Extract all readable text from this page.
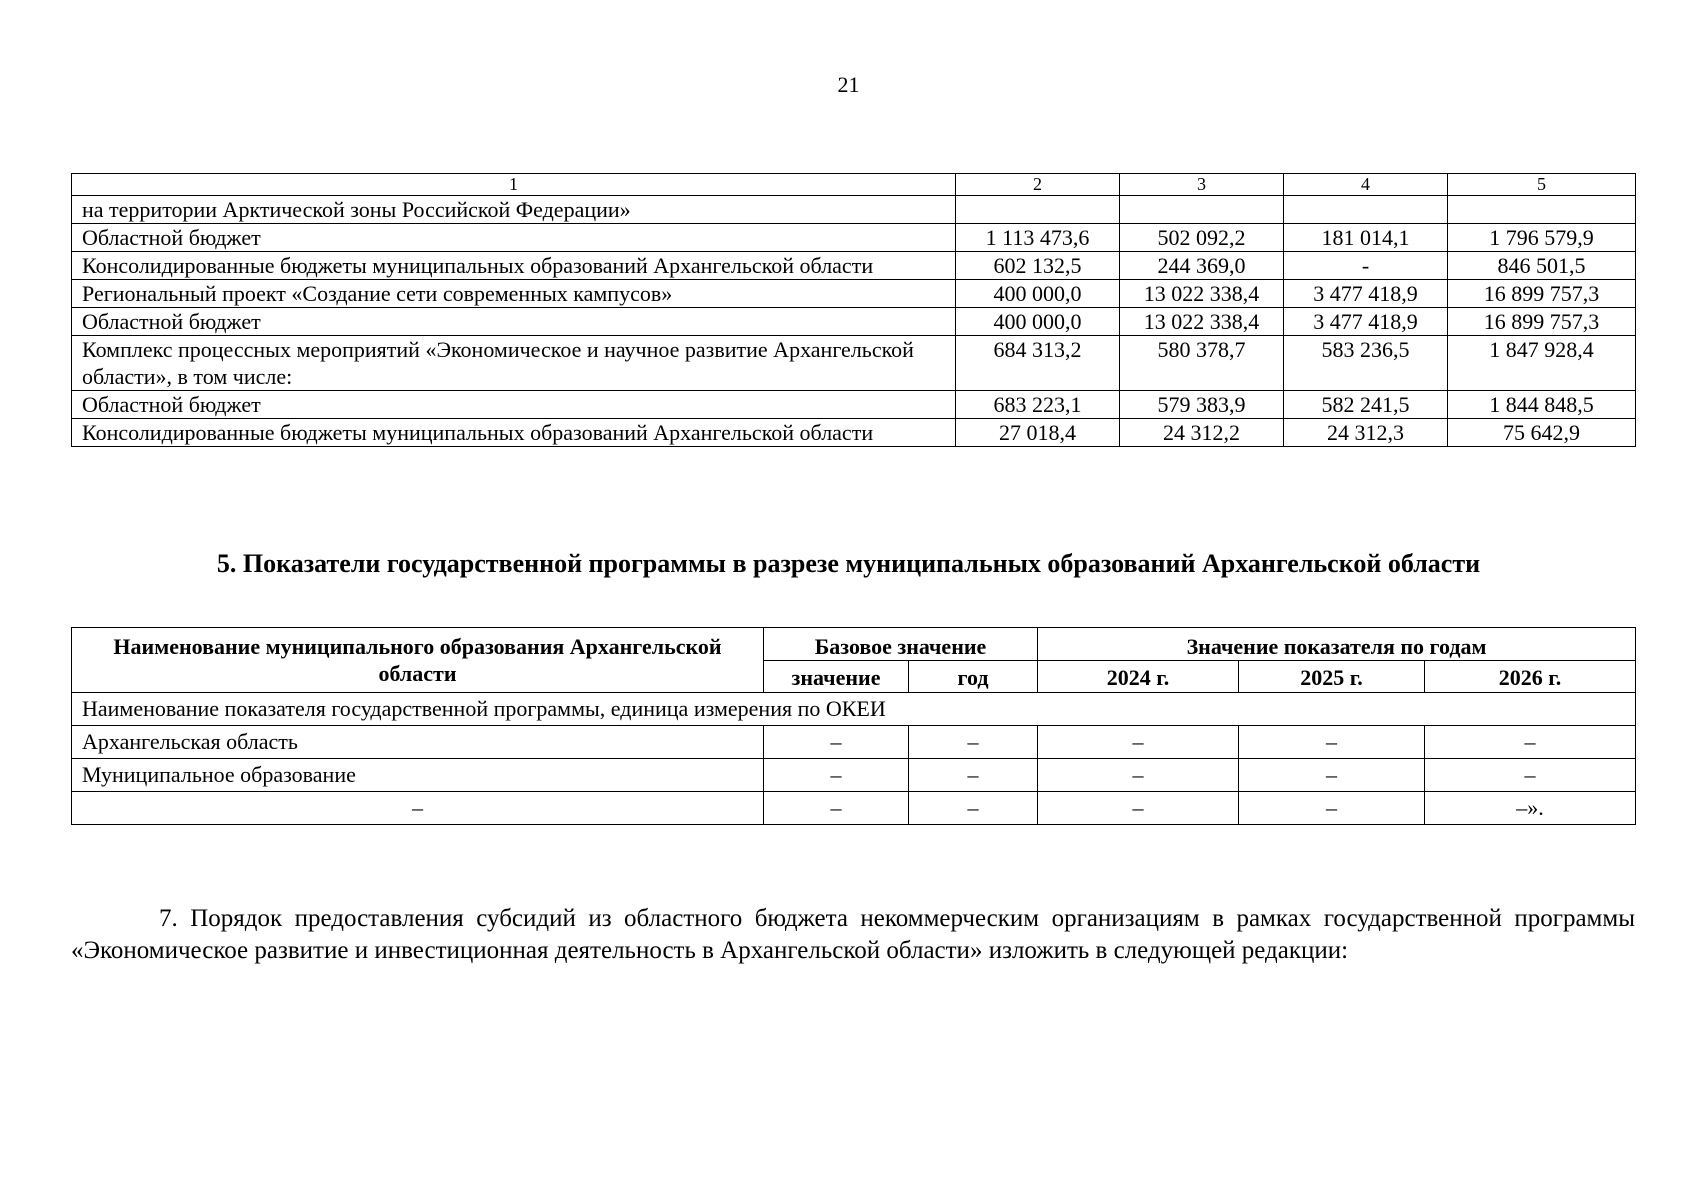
21
1	2	3	4	5
на территории Арктической зоны Российской Федерации»				
Областной бюджет	1 113 473,6	502 092,2	181 014,1	1 796 579,9
Консолидированные бюджеты муниципальных образований Архангельской области	602 132,5	244 369,0	-	846 501,5
Региональный проект «Создание сети современных кампусов»	400 000,0	13 022 338,4	3 477 418,9	16 899 757,3
Областной бюджет	400 000,0	13 022 338,4	3 477 418,9	16 899 757,3
Комплекс процессных мероприятий «Экономическое и научное развитие Архангельской области», в том числе:	684 313,2	580 378,7	583 236,5	1 847 928,4
Областной бюджет	683 223,1	579 383,9	582 241,5	1 844 848,5
Консолидированные бюджеты муниципальных образований Архангельской области	27 018,4	24 312,2	24 312,3	75 642,9
5. Показатели государственной программы в разрезе муниципальных образований Архангельской области
Наименование муниципального образования Архангельской области	Базовое значение		Значение показателя по годам		
	значение	год	2024 г.	2025 г.	2026 г.
Наименование показателя государственной программы, единица измерения по ОКЕИ					
Архангельская область	–	–	–	–	–
Муниципальное образование	–	–	–	–	–
–	–	–	–	–	–».
7. Порядок предоставления субсидий из областного бюджета некоммерческим организациям в рамках государственной программы «Экономическое развитие и инвестиционная деятельность в Архангельской области» изложить в следующей редакции:
